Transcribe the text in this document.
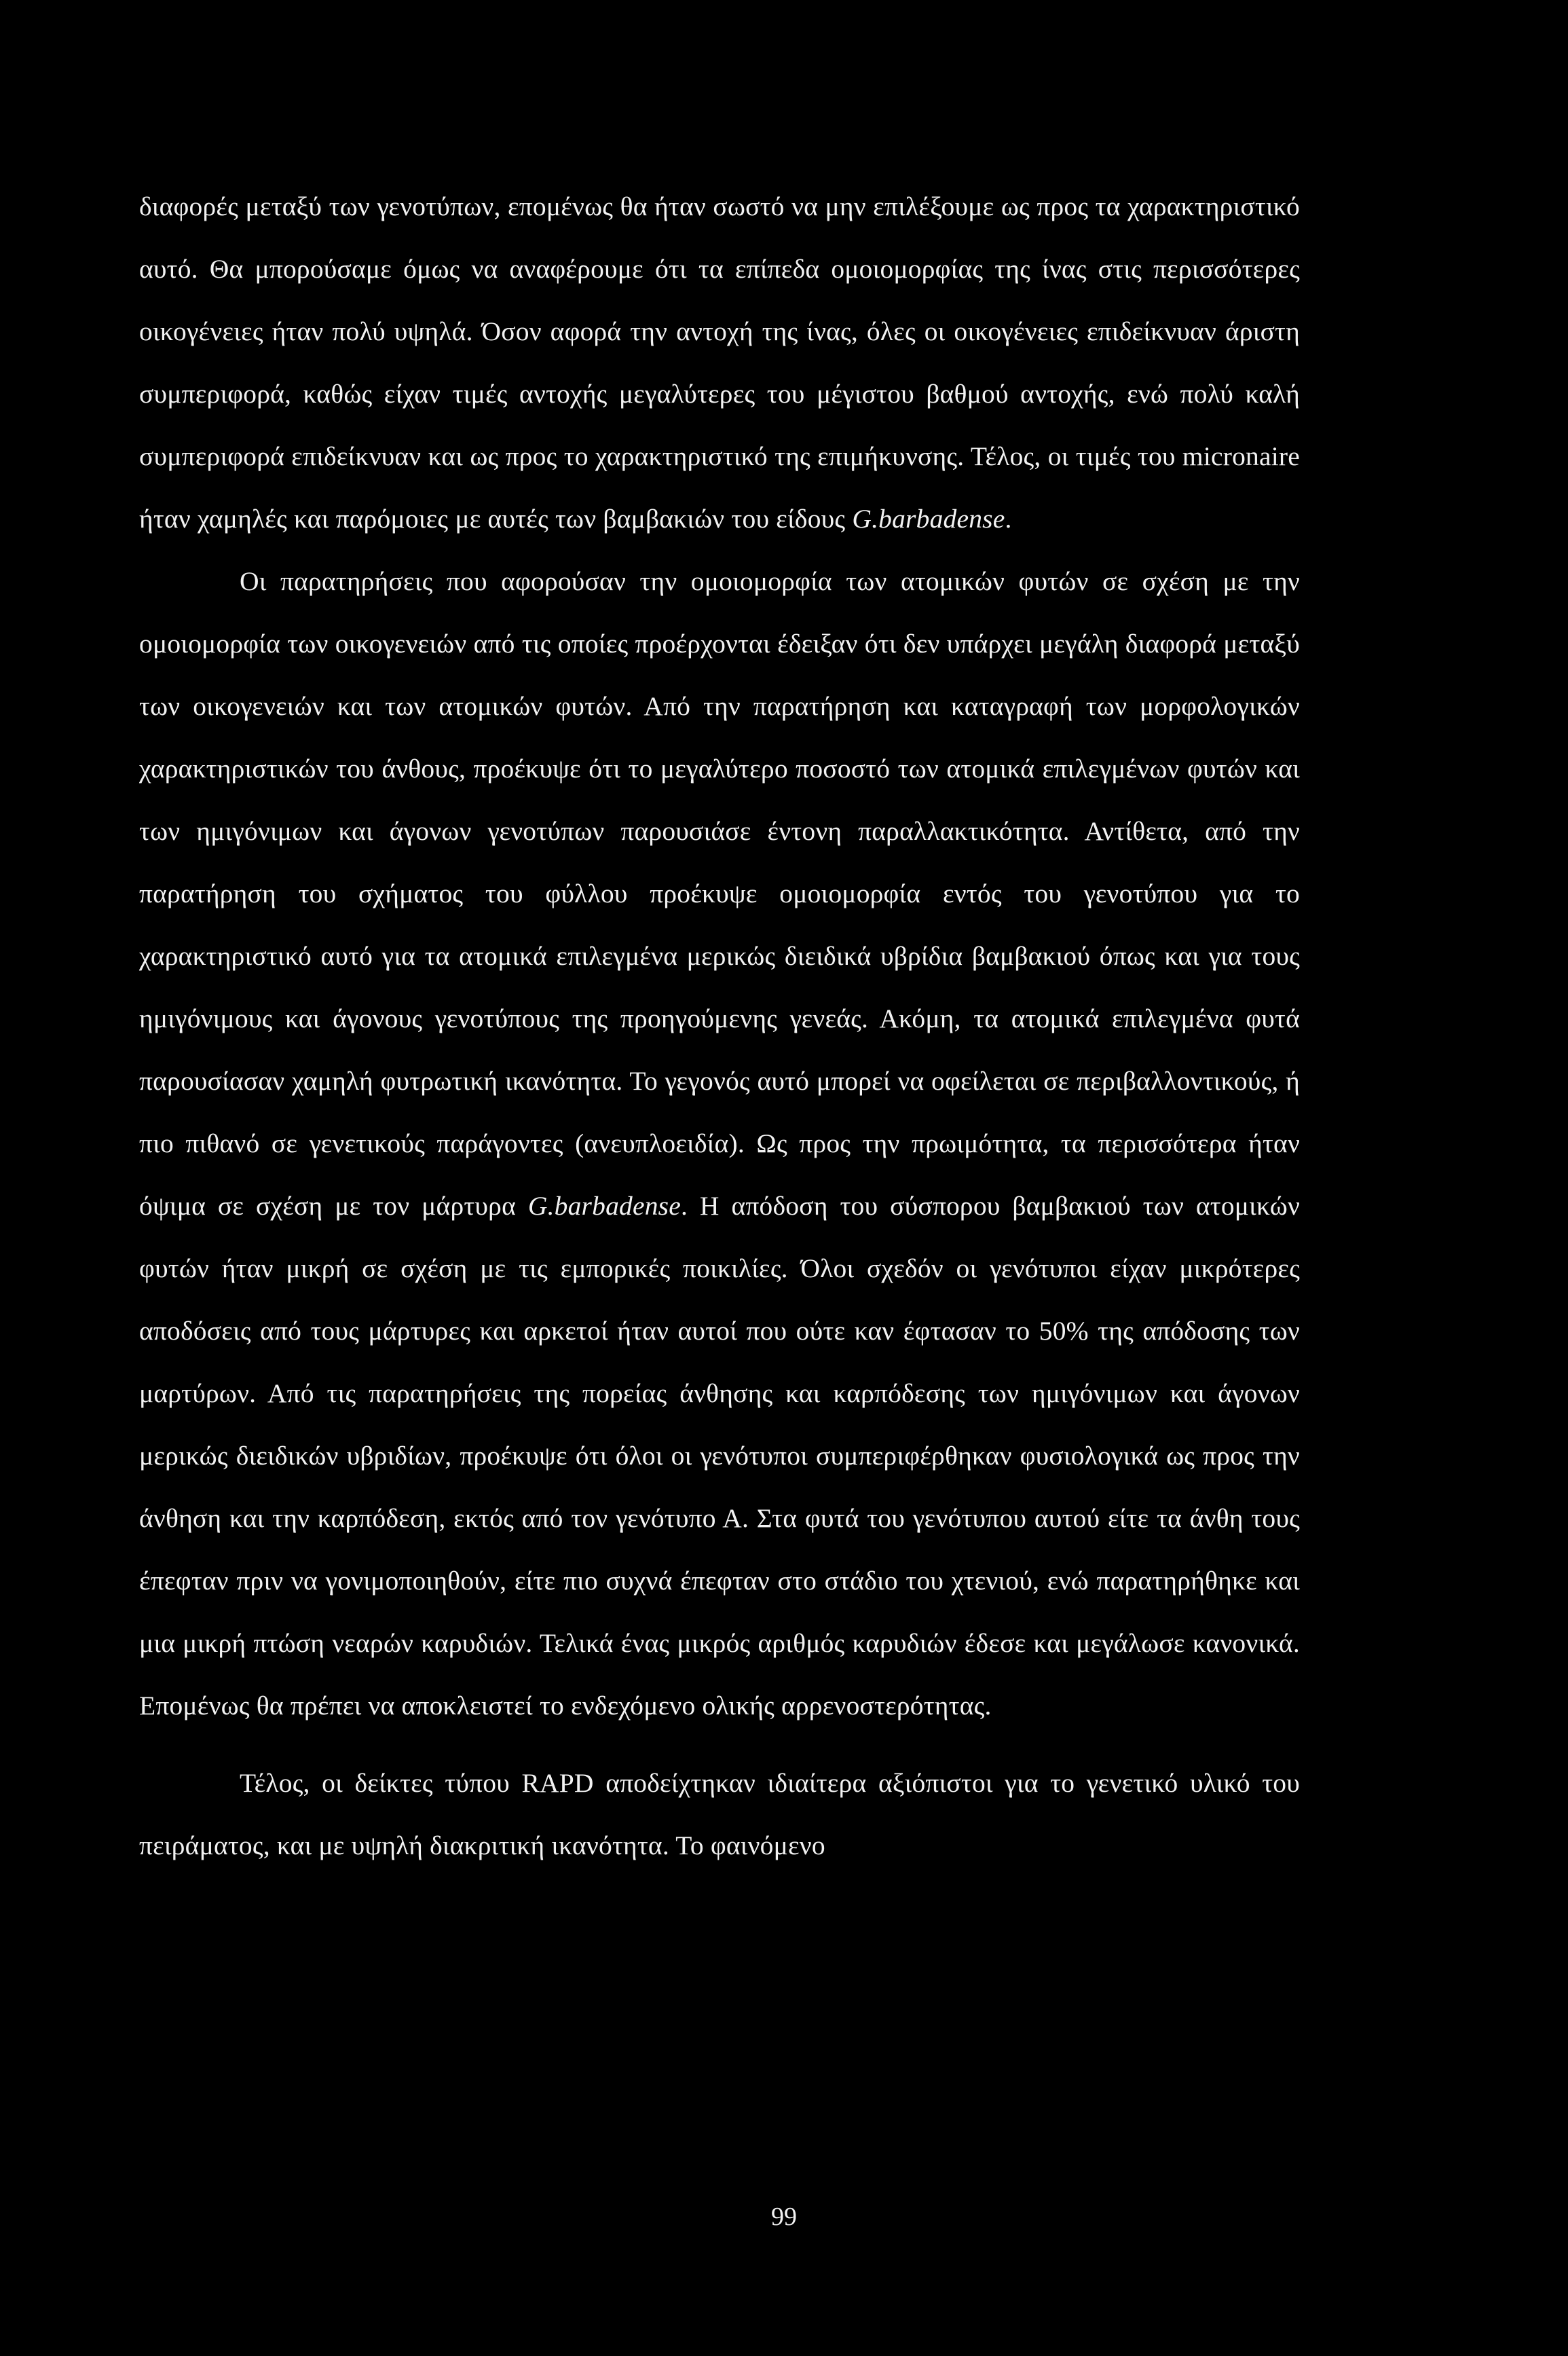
διαφορές μεταξύ των γενοτύπων, επομένως θα ήταν σωστό να μην επιλέξουμε ως προς τα χαρακτηριστικό αυτό. Θα μπορούσαμε όμως να αναφέρουμε ότι τα επίπεδα ομοιομορφίας της ίνας στις περισσότερες οικογένειες ήταν πολύ υψηλά. Όσον αφορά την αντοχή της ίνας, όλες οι οικογένειες επιδείκνυαν άριστη συμπεριφορά, καθώς είχαν τιμές αντοχής μεγαλύτερες του μέγιστου βαθμού αντοχής, ενώ πολύ καλή συμπεριφορά επιδείκνυαν και ως προς το χαρακτηριστικό της επιμήκυνσης. Τέλος, οι τιμές του micronaire ήταν χαμηλές και παρόμοιες με αυτές των βαμβακιών του είδους G.barbadense.

Οι παρατηρήσεις που αφορούσαν την ομοιομορφία των ατομικών φυτών σε σχέση με την ομοιομορφία των οικογενειών από τις οποίες προέρχονται έδειξαν ότι δεν υπάρχει μεγάλη διαφορά μεταξύ των οικογενειών και των ατομικών φυτών. Από την παρατήρηση και καταγραφή των μορφολογικών χαρακτηριστικών του άνθους, προέκυψε ότι το μεγαλύτερο ποσοστό των ατομικά επιλεγμένων φυτών και των ημιγόνιμων και άγονων γενοτύπων παρουσιάσε έντονη παραλλακτικότητα. Αντίθετα, από την παρατήρηση του σχήματος του φύλλου προέκυψε ομοιομορφία εντός του γενοτύπου για το χαρακτηριστικό αυτό για τα ατομικά επιλεγμένα μερικώς διειδικά υβρίδια βαμβακιού όπως και για τους ημιγόνιμους και άγονους γενοτύπους της προηγούμενης γενεάς. Ακόμη, τα ατομικά επιλεγμένα φυτά παρουσίασαν χαμηλή φυτρωτική ικανότητα. Το γεγονός αυτό μπορεί να οφείλεται σε περιβαλλοντικούς, ή πιο πιθανό σε γενετικούς παράγοντες (ανευπλοειδία). Ως προς την πρωιμότητα, τα περισσότερα ήταν όψιμα σε σχέση με τον μάρτυρα G.barbadense. Η απόδοση του σύσπορου βαμβακιού των ατομικών φυτών ήταν μικρή σε σχέση με τις εμπορικές ποικιλίες. Όλοι σχεδόν οι γενότυποι είχαν μικρότερες αποδόσεις από τους μάρτυρες και αρκετοί ήταν αυτοί που ούτε καν έφτασαν το 50% της απόδοσης των μαρτύρων. Από τις παρατηρήσεις της πορείας άνθησης και καρπόδεσης των ημιγόνιμων και άγονων μερικώς διειδικών υβριδίων, προέκυψε ότι όλοι οι γενότυποι συμπεριφέρθηκαν φυσιολογικά ως προς την άνθηση και την καρπόδεση, εκτός από τον γενότυπο Α. Στα φυτά του γενότυπου αυτού είτε τα άνθη τους έπεφταν πριν να γονιμοποιηθούν, είτε πιο συχνά έπεφταν στο στάδιο του χτενιού, ενώ παρατηρήθηκε και μια μικρή πτώση νεαρών καρυδιών. Τελικά ένας μικρός αριθμός καρυδιών έδεσε και μεγάλωσε κανονικά. Επομένως θα πρέπει να αποκλειστεί το ενδεχόμενο ολικής αρρενοστερότητας.

Τέλος, οι δείκτες τύπου RAPD αποδείχτηκαν ιδιαίτερα αξιόπιστοι για το γενετικό υλικό του πειράματος, και με υψηλή διακριτική ικανότητα. Το φαινόμενο

99
